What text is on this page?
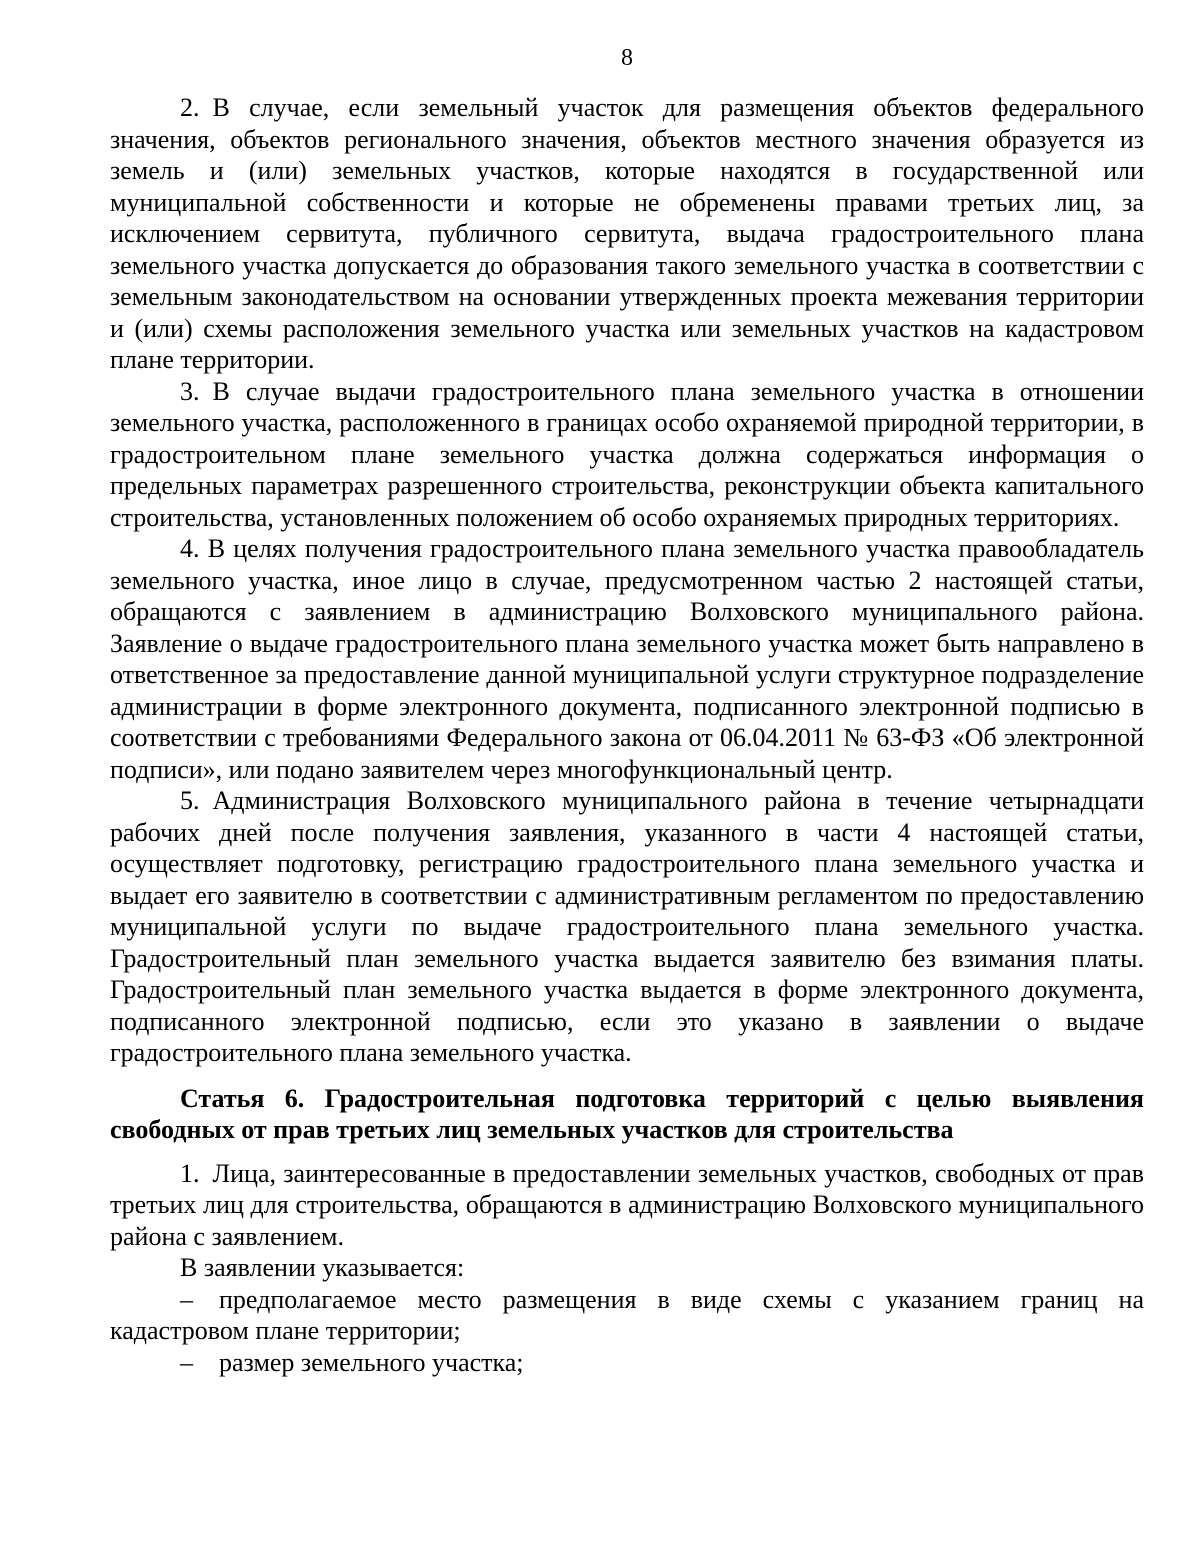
8

2. В случае, если земельный участок для размещения объектов федерального значения, объектов регионального значения, объектов местного значения образуется из земель и (или) земельных участков, которые находятся в государственной или муниципальной собственности и которые не обременены правами третьих лиц, за исключением сервитута, публичного сервитута, выдача градостроительного плана земельного участка допускается до образования такого земельного участка в соответствии с земельным законодательством на основании утвержденных проекта межевания территории и (или) схемы расположения земельного участка или земельных участков на кадастровом плане территории.

3. В случае выдачи градостроительного плана земельного участка в отношении земельного участка, расположенного в границах особо охраняемой природной территории, в градостроительном плане земельного участка должна содержаться информация о предельных параметрах разрешенного строительства, реконструкции объекта капитального строительства, установленных положением об особо охраняемых природных территориях.

4. В целях получения градостроительного плана земельного участка правообладатель земельного участка, иное лицо в случае, предусмотренном частью 2 настоящей статьи, обращаются с заявлением в администрацию Волховского муниципального района. Заявление о выдаче градостроительного плана земельного участка может быть направлено в ответственное за предоставление данной муниципальной услуги структурное подразделение администрации в форме электронного документа, подписанного электронной подписью в соответствии с требованиями Федерального закона от 06.04.2011 № 63-ФЗ «Об электронной подписи», или подано заявителем через многофункциональный центр.

5. Администрация Волховского муниципального района в течение четырнадцати рабочих дней после получения заявления, указанного в части 4 настоящей статьи, осуществляет подготовку, регистрацию градостроительного плана земельного участка и выдает его заявителю в соответствии с административным регламентом по предоставлению муниципальной услуги по выдаче градостроительного плана земельного участка. Градостроительный план земельного участка выдается заявителю без взимания платы. Градостроительный план земельного участка выдается в форме электронного документа, подписанного электронной подписью, если это указано в заявлении о выдаче градостроительного плана земельного участка.

Статья 6. Градостроительная подготовка территорий с целью выявления свободных от прав третьих лиц земельных участков для строительства

1. Лица, заинтересованные в предоставлении земельных участков, свободных от прав третьих лиц для строительства, обращаются в администрацию Волховского муниципального района с заявлением.

В заявлении указывается:

–  предполагаемое место размещения в виде схемы с указанием границ на кадастровом плане территории;

–  размер земельного участка;
